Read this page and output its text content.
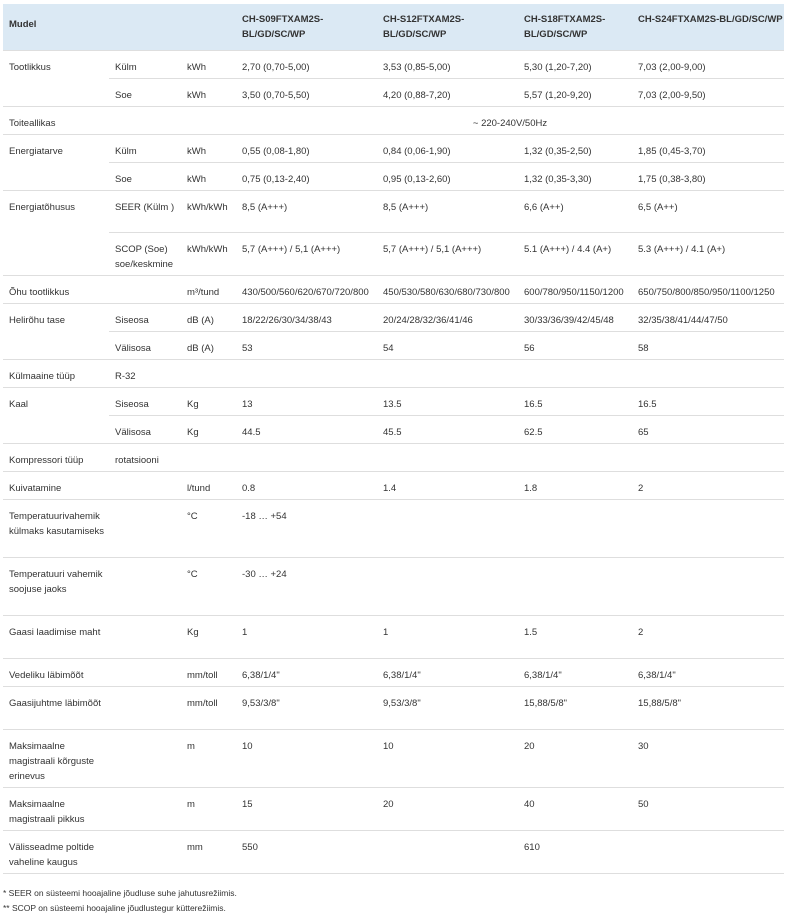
Mudel			CH-S09FTXAM2S-BL/GD/SC/WP	CH-S12FTXAM2S-BL/GD/SC/WP	CH-S18FTXAM2S-BL/GD/SC/WP	CH-S24FTXAM2S-BL/GD/SC/WP
Tootlikkus	Külm	kWh	2,70 (0,70-5,00)	3,53 (0,85-5,00)	5,30 (1,20-7,20)	7,03 (2,00-9,00)
	Soe	kWh	3,50 (0,70-5,50)	4,20 (0,88-7,20)	5,57 (1,20-9,20)	7,03 (2,00-9,50)
Toiteallikas			~ 220-240V/50Hz			
Energiatarve	Külm	kWh	0,55 (0,08-1,80)	0,84 (0,06-1,90)	1,32 (0,35-2,50)	1,85 (0,45-3,70)
	Soe	kWh	0,75 (0,13-2,40)	0,95 (0,13-2,60)	1,32 (0,35-3,30)	1,75 (0,38-3,80)
Energiatõhusus	SEER (Külm )	kWh/kWh	8,5 (A+++)	8,5 (A+++)	6,6 (A++)	6,5 (A++)
	SCOP (Soe) soe/keskmine	kWh/kWh	5,7 (A+++) / 5,1 (A+++)	5,7 (A+++) / 5,1 (A+++)	5.1 (A+++) / 4.4 (A+)	5.3 (A+++) / 4.1 (A+)
Õhu tootlikkus		m³/tund	430/500/560/620/670/720/800	450/530/580/630/680/730/800	600/780/950/1150/1200	650/750/800/850/950/1100/1250
Helirõhu tase	Siseosa	dB (A)	18/22/26/30/34/38/43	20/24/28/32/36/41/46	30/33/36/39/42/45/48	32/35/38/41/44/47/50
	Välisosa	dB (A)	53	54	56	58
Külmaaine tüüp	R-32					
Kaal	Siseosa	Kg	13	13.5	16.5	16.5
	Välisosa	Kg	44.5	45.5	62.5	65
Kompressori tüüp	rotatsiooni					
Kuivatamine		l/tund	0.8	1.4	1.8	2
Temperatuurivahemik külmaks kasutamiseks		°C	-18 … +54			
Temperatuuri vahemik soojuse jaoks		°C	-30 … +24			
Gaasi laadimise maht		Kg	1	1	1.5	2
Vedeliku läbimõõt		mm/toll	6,38/1/4"	6,38/1/4"	6,38/1/4"	6,38/1/4"
Gaasijuhtme läbimõõt		mm/toll	9,53/3/8"	9,53/3/8"	15,88/5/8"	15,88/5/8"
Maksimaalne magistraali kõrguste erinevus		m	10	10	20	30
Maksimaalne magistraali pikkus		m	15	20	40	50
Välisseadme poltide vaheline kaugus		mm	550		610	
* SEER on süsteemi hooajaline jõudluse suhe jahutusrežiimis.
** SCOP on süsteemi hooajaline jõudlustegur kütterežiimis.
